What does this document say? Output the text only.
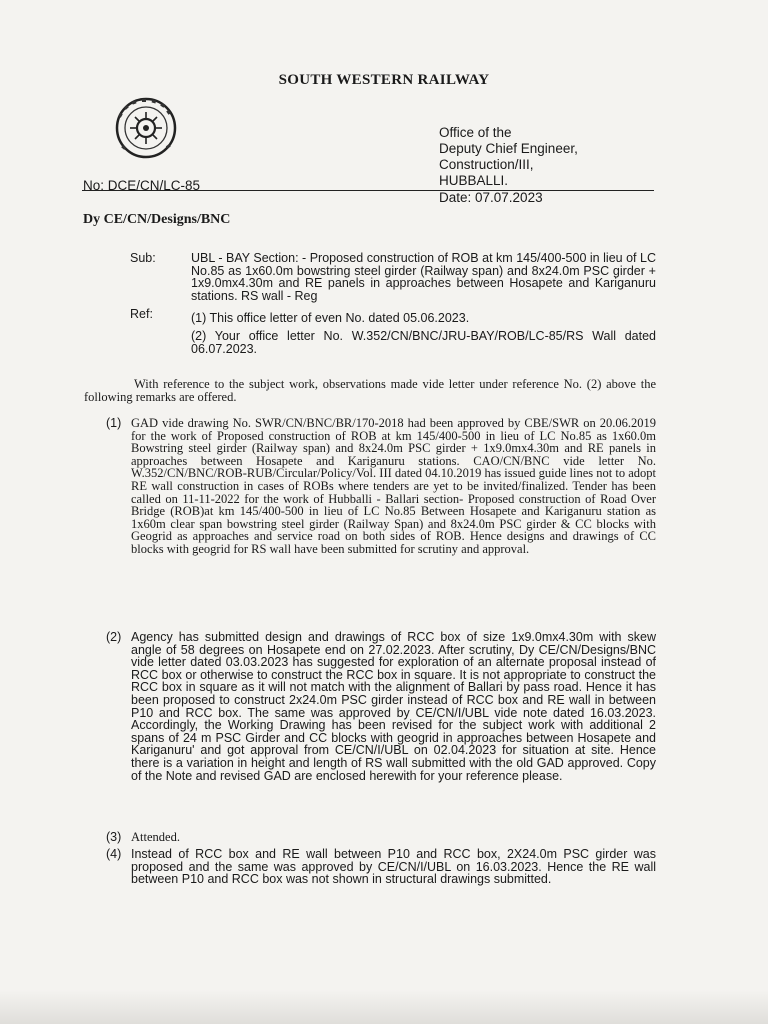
SOUTH WESTERN RAILWAY
Office of the
Deputy Chief Engineer,
Construction/III,
HUBBALLI.
No: DCE/CN/LC-85
Date: 07.07.2023
Dy CE/CN/Designs/BNC
Sub:	UBL - BAY Section: - Proposed construction of ROB at km 145/400-500 in lieu of LC No.85 as 1x60.0m bowstring steel girder (Railway span) and 8x24.0m PSC girder + 1x9.0mx4.30m and RE panels in approaches between Hosapete and Kariganuru stations. RS wall - Reg
Ref:	(1) This office letter of even No. dated 05.06.2023.
(2) Your office letter No. W.352/CN/BNC/JRU-BAY/ROB/LC-85/RS Wall dated 06.07.2023.
With reference to the subject work, observations made vide letter under reference No. (2) above the following remarks are offered.
(1) GAD vide drawing No. SWR/CN/BNC/BR/170-2018 had been approved by CBE/SWR on 20.06.2019 for the work of Proposed construction of ROB at km 145/400-500 in lieu of LC No.85 as 1x60.0m Bowstring steel girder (Railway span) and 8x24.0m PSC girder + 1x9.0mx4.30m and RE panels in approaches between Hosapete and Kariganuru stations. CAO/CN/BNC vide letter No. W.352/CN/BNC/ROB-RUB/Circular/Policy/Vol. III dated 04.10.2019 has issued guide lines not to adopt RE wall construction in cases of ROBs where tenders are yet to be invited/finalized. Tender has been called on 11-11-2022 for the work of Hubballi - Ballari section- Proposed construction of Road Over Bridge (ROB)at km 145/400-500 in lieu of LC No.85 Between Hosapete and Kariganuru station as 1x60m clear span bowstring steel girder (Railway Span) and 8x24.0m PSC girder & CC blocks with Geogrid as approaches and service road on both sides of ROB. Hence designs and drawings of CC blocks with geogrid for RS wall have been submitted for scrutiny and approval.
(2) Agency has submitted design and drawings of RCC box of size 1x9.0mx4.30m with skew angle of 58 degrees on Hosapete end on 27.02.2023. After scrutiny, Dy CE/CN/Designs/BNC vide letter dated 03.03.2023 has suggested for exploration of an alternate proposal instead of RCC box or otherwise to construct the RCC box in square. It is not appropriate to construct the RCC box in square as it will not match with the alignment of Ballari by pass road. Hence it has been proposed to construct 2x24.0m PSC girder instead of RCC box and RE wall in between P10 and RCC box. The same was approved by CE/CN/I/UBL vide note dated 16.03.2023. Accordingly, the Working Drawing has been revised for the subject work with additional 2 spans of 24 m PSC Girder and CC blocks with geogrid in approaches between Hosapete and Kariganuru' and got approval from CE/CN/I/UBL on 02.04.2023 for situation at site. Hence there is a variation in height and length of RS wall submitted with the old GAD approved. Copy of the Note and revised GAD are enclosed herewith for your reference please.
(3) Attended.
(4) Instead of RCC box and RE wall between P10 and RCC box, 2X24.0m PSC girder was proposed and the same was approved by CE/CN/I/UBL on 16.03.2023. Hence the RE wall between P10 and RCC box was not shown in structural drawings submitted.
